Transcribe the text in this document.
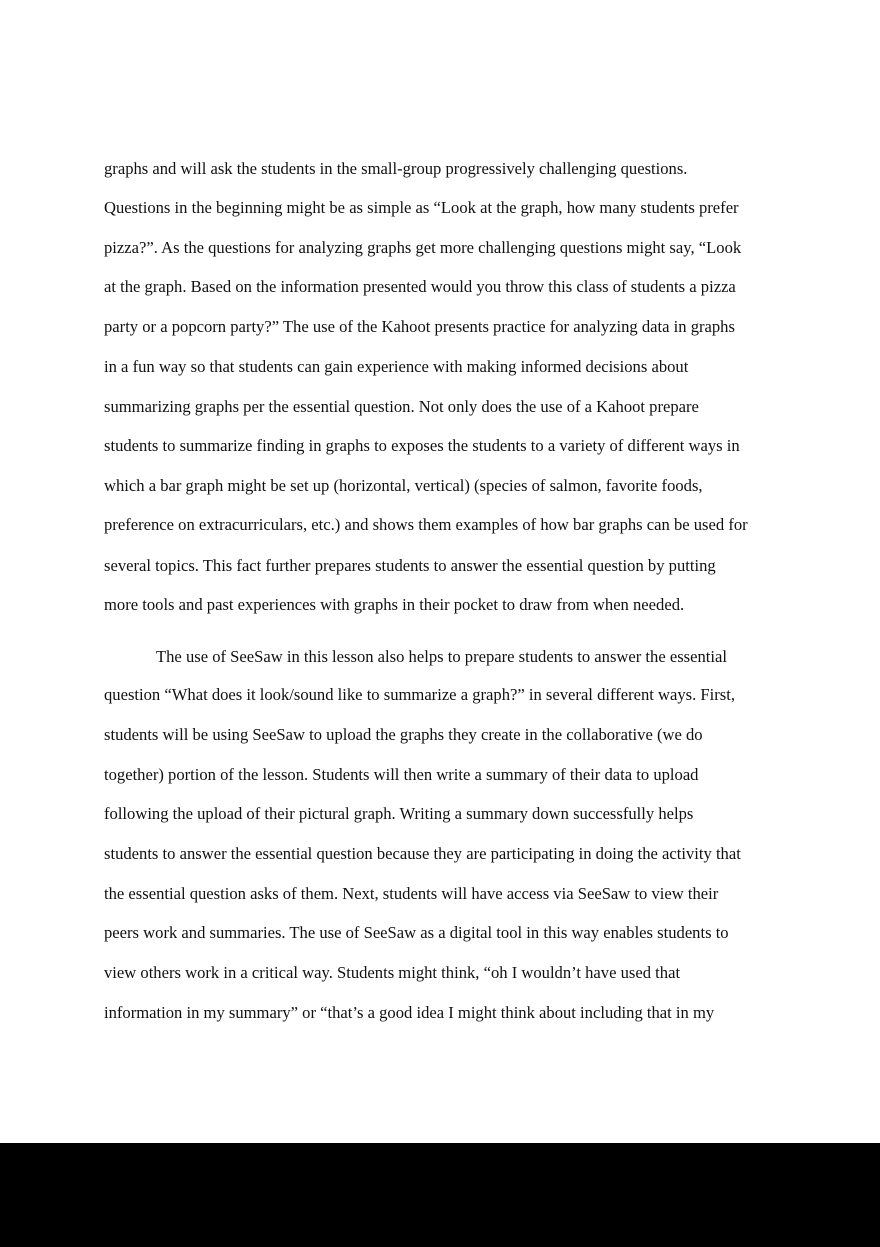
graphs and will ask the students in the small-group progressively challenging questions.
Questions in the beginning might be as simple as “Look at the graph, how many students prefer
pizza?”. As the questions for analyzing graphs get more challenging questions might say, “Look
at the graph. Based on the information presented would you throw this class of students a pizza
party or a popcorn party?” The use of the Kahoot presents practice for analyzing data in graphs
in a fun way so that students can gain experience with making informed decisions about
summarizing graphs per the essential question. Not only does the use of a Kahoot prepare
students to summarize finding in graphs to exposes the students to a variety of different ways in
which a bar graph might be set up (horizontal, vertical) (species of salmon, favorite foods,
preference on extracurriculars, etc.) and shows them examples of how bar graphs can be used for
several topics. This fact further prepares students to answer the essential question by putting
more tools and past experiences with graphs in their pocket to draw from when needed.
The use of SeeSaw in this lesson also helps to prepare students to answer the essential
question “What does it look/sound like to summarize a graph?” in several different ways. First,
students will be using SeeSaw to upload the graphs they create in the collaborative (we do
together) portion of the lesson. Students will then write a summary of their data to upload
following the upload of their pictural graph. Writing a summary down successfully helps
students to answer the essential question because they are participating in doing the activity that
the essential question asks of them. Next, students will have access via SeeSaw to view their
peers work and summaries. The use of SeeSaw as a digital tool in this way enables students to
view others work in a critical way. Students might think, “oh I wouldn’t have used that
information in my summary” or “that’s a good idea I might think about including that in my
